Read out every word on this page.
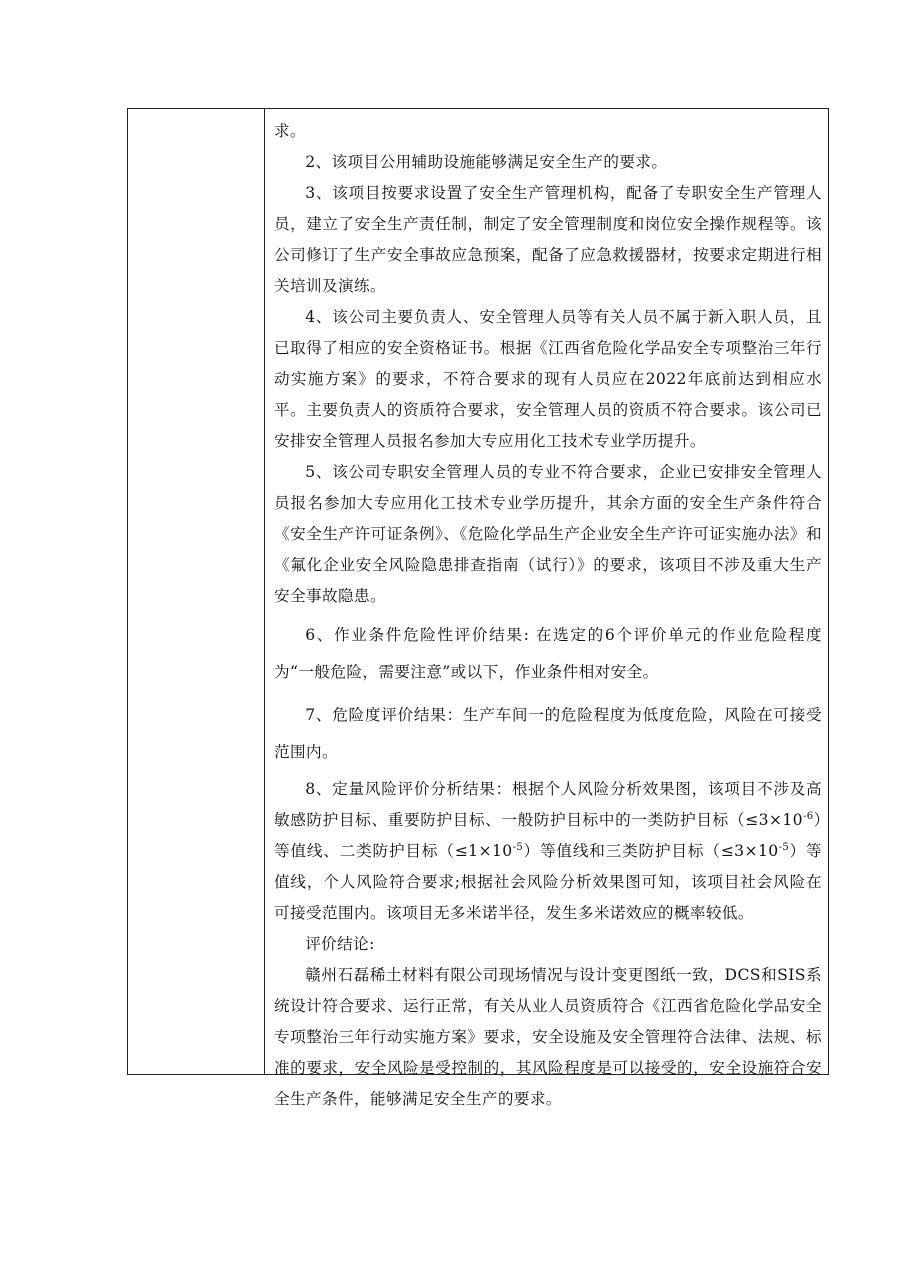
求。

2、该项目公用辅助设施能够满足安全生产的要求。

3、该项目按要求设置了安全生产管理机构，配备了专职安全生产管理人员，建立了安全生产责任制，制定了安全管理制度和岗位安全操作规程等。该公司修订了生产安全事故应急预案，配备了应急救援器材，按要求定期进行相关培训及演练。

4、该公司主要负责人、安全管理人员等有关人员不属于新入职人员，且已取得了相应的安全资格证书。根据《江西省危险化学品安全专项整治三年行动实施方案》的要求，不符合要求的现有人员应在2022年底前达到相应水平。主要负责人的资质符合要求，安全管理人员的资质不符合要求。该公司已安排安全管理人员报名参加大专应用化工技术专业学历提升。

5、该公司专职安全管理人员的专业不符合要求，企业已安排安全管理人员报名参加大专应用化工技术专业学历提升，其余方面的安全生产条件符合《安全生产许可证条例》、《危险化学品生产企业安全生产许可证实施办法》和《氟化企业安全风险隐患排查指南（试行）》的要求，该项目不涉及重大生产安全事故隐患。

6、作业条件危险性评价结果: 在选定的6个评价单元的作业危险程度为“一般危险，需要注意”或以下，作业条件相对安全。

7、危险度评价结果：生产车间一的危险程度为低度危险，风险在可接受范围内。

8、定量风险评价分析结果：根据个人风险分析效果图，该项目不涉及高敏感防护目标、重要防护目标、一般防护目标中的一类防护目标$(\le 3\times 10^{-6})$等值线、二类防护目标$(\le 1\times 10^{-5})$等值线和三类防护目标$(\le 3\times 10^{-5})$等值线，个人风险符合要求;根据社会风险分析效果图可知，该项目社会风险在可接受范围内。该项目无多米诺半径，发生多米诺效应的概率较低。

评价结论:

赣州石磊稀土材料有限公司现场情况与设计变更图纸一致，DCS和SIS系统设计符合要求、运行正常，有关从业人员资质符合《江西省危险化学品安全专项整治三年行动实施方案》要求，安全设施及安全管理符合法律、法规、标准的要求，安全风险是受控制的，其风险程度是可以接受的，安全设施符合安全生产条件，能够满足安全生产的要求。
